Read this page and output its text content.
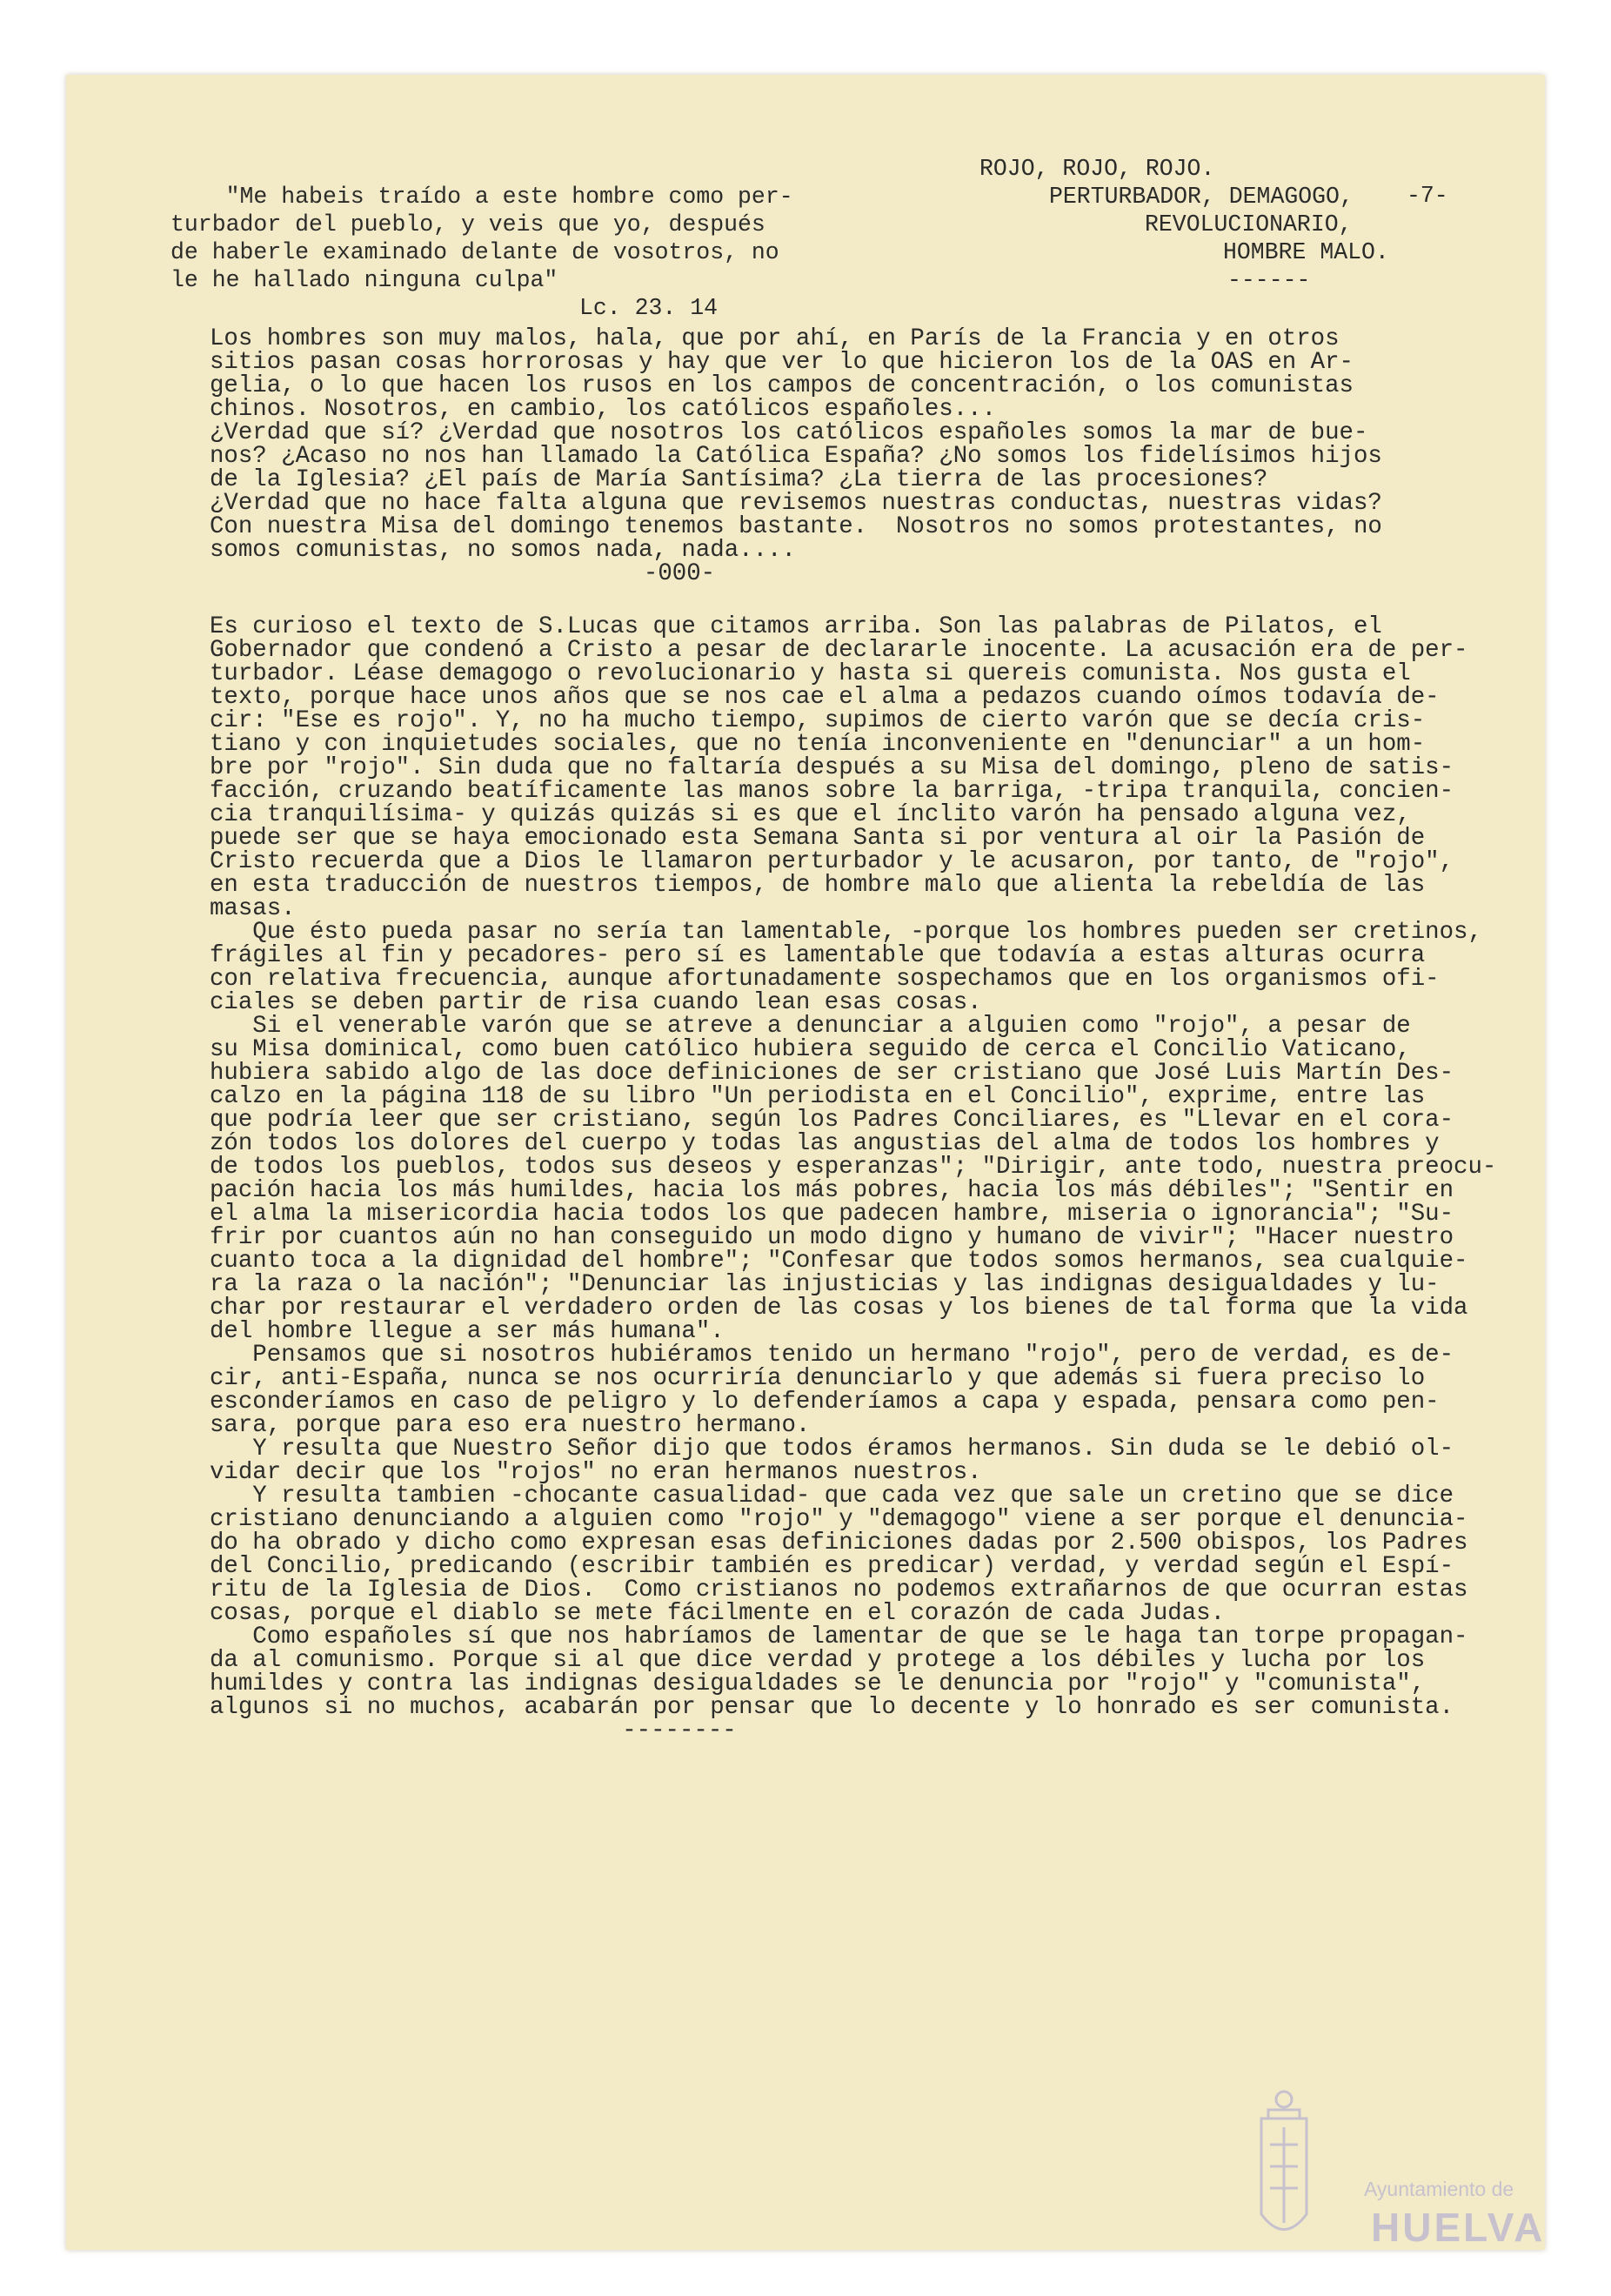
"Me habeis traído a este hombre como per-
turbador del pueblo, y veis que yo, después
de haberle examinado delante de vosotros, no
le he hallado ninguna culpa"

Lc. 23. 14

ROJO, ROJO, ROJO.
PERTURBADOR, DEMAGOGO,
REVOLUCIONARIO,
HOMBRE MALO.
------
-7-

Los hombres son muy malos, hala, que por ahí, en París de la Francia y en otros

sitios pasan cosas horrorosas y hay que ver lo que hicieron los de la OAS en Ar-

gelia, o lo que hacen los rusos en los campos de concentración, o los comunistas

chinos. Nosotros, en cambio, los católicos españoles...

¿Verdad que sí? ¿Verdad que nosotros los católicos españoles somos la mar de bue-

nos? ¿Acaso no nos han llamado la Católica España? ¿No somos los fidelísimos hijos

de la Iglesia? ¿El país de María Santísima? ¿La tierra de las procesiones?

¿Verdad que no hace falta alguna que revisemos nuestras conductas, nuestras vidas?

Con nuestra Misa del domingo tenemos bastante.  Nosotros no somos protestantes, no

somos comunistas, no somos nada, nada....

-000-

Es curioso el texto de S.Lucas que citamos arriba. Son las palabras de Pilatos, el

Gobernador que condenó a Cristo a pesar de declararle inocente. La acusación era de per-

turbador. Léase demagogo o revolucionario y hasta si quereis comunista. Nos gusta el

texto, porque hace unos años que se nos cae el alma a pedazos cuando oímos todavía de-

cir: "Ese es rojo". Y, no ha mucho tiempo, supimos de cierto varón que se decía cris-

tiano y con inquietudes sociales, que no tenía inconveniente en "denunciar" a un hom-

bre por "rojo". Sin duda que no faltaría después a su Misa del domingo, pleno de satis-

facción, cruzando beatíficamente las manos sobre la barriga, -tripa tranquila, concien-

cia tranquilísima- y quizás quizás si es que el ínclito varón ha pensado alguna vez,

puede ser que se haya emocionado esta Semana Santa si por ventura al oir la Pasión de

Cristo recuerda que a Dios le llamaron perturbador y le acusaron, por tanto, de "rojo",

en esta traducción de nuestros tiempos, de hombre malo que alienta la rebeldía de las

masas.

Que ésto pueda pasar no sería tan lamentable, -porque los hombres pueden ser cretinos,

frágiles al fin y pecadores- pero sí es lamentable que todavía a estas alturas ocurra

con relativa frecuencia, aunque afortunadamente sospechamos que en los organismos ofi-

ciales se deben partir de risa cuando lean esas cosas.

Si el venerable varón que se atreve a denunciar a alguien como "rojo", a pesar de

su Misa dominical, como buen católico hubiera seguido de cerca el Concilio Vaticano,

hubiera sabido algo de las doce definiciones de ser cristiano que José Luis Martín Des-

calzo en la página 118 de su libro "Un periodista en el Concilio", exprime, entre las

que podría leer que ser cristiano, según los Padres Conciliares, es "Llevar en el cora-

zón todos los dolores del cuerpo y todas las angustias del alma de todos los hombres y

de todos los pueblos, todos sus deseos y esperanzas"; "Dirigir, ante todo, nuestra preocu-

pación hacia los más humildes, hacia los más pobres, hacia los más débiles"; "Sentir en

el alma la misericordia hacia todos los que padecen hambre, miseria o ignorancia"; "Su-

frir por cuantos aún no han conseguido un modo digno y humano de vivir"; "Hacer nuestro

cuanto toca a la dignidad del hombre"; "Confesar que todos somos hermanos, sea cualquie-

ra la raza o la nación"; "Denunciar las injusticias y las indignas desigualdades y lu-

char por restaurar el verdadero orden de las cosas y los bienes de tal forma que la vida

del hombre llegue a ser más humana".

Pensamos que si nosotros hubiéramos tenido un hermano "rojo", pero de verdad, es de-

cir, anti-España, nunca se nos ocurriría denunciarlo y que además si fuera preciso lo

esconderíamos en caso de peligro y lo defenderíamos a capa y espada, pensara como pen-

sara, porque para eso era nuestro hermano.

Y resulta que Nuestro Señor dijo que todos éramos hermanos. Sin duda se le debió ol-

vidar decir que los "rojos" no eran hermanos nuestros.

Y resulta tambien -chocante casualidad- que cada vez que sale un cretino que se dice

cristiano denunciando a alguien como "rojo" y "demagogo" viene a ser porque el denuncia-

do ha obrado y dicho como expresan esas definiciones dadas por 2.500 obispos, los Padres

del Concilio, predicando (escribir también es predicar) verdad, y verdad según el Espí-

ritu de la Iglesia de Dios.  Como cristianos no podemos extrañarnos de que ocurran estas

cosas, porque el diablo se mete fácilmente en el corazón de cada Judas.

Como españoles sí que nos habríamos de lamentar de que se le haga tan torpe propagan-

da al comunismo. Porque si al que dice verdad y protege a los débiles y lucha por los

humildes y contra las indignas desigualdades se le denuncia por "rojo" y "comunista",

algunos si no muchos, acabarán por pensar que lo decente y lo honrado es ser comunista.

--------

Ayuntamiento de
HUELVA
